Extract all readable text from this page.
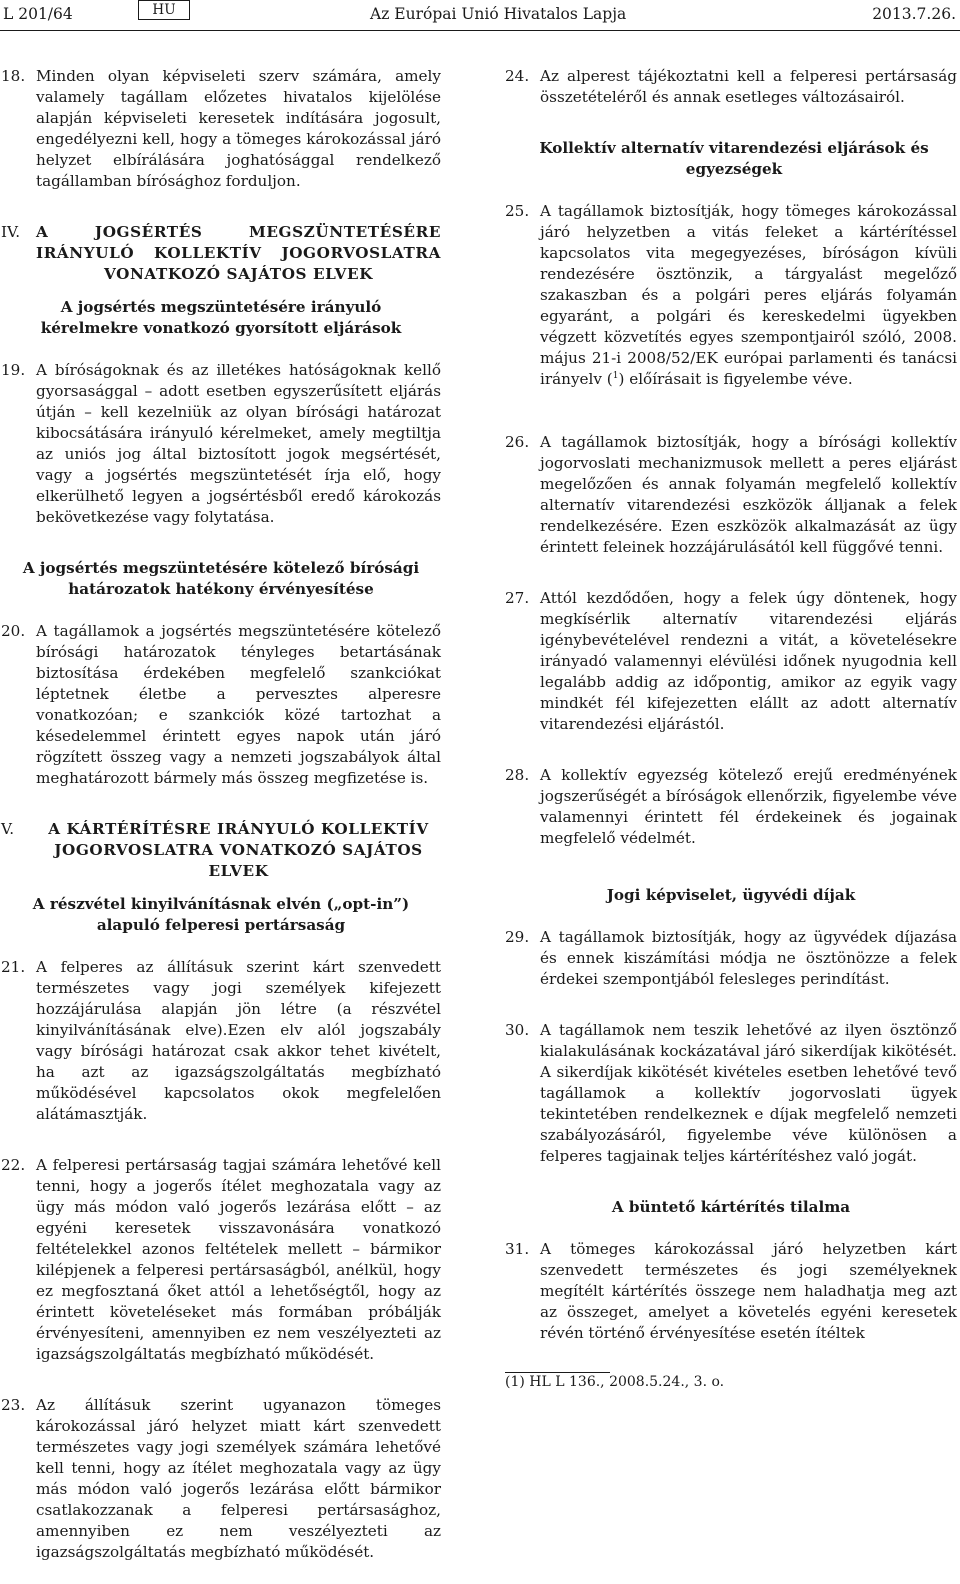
L 201/64	HU	Az Európai Unió Hivatalos Lapja	2013.7.26.
18. Minden olyan képviseleti szerv számára, amely valamely tagállam előzetes hivatalos kijelölése alapján képviseleti keresetek indítására jogosult, engedélyezni kell, hogy a tömeges károkozással járó helyzet elbírálására joghatósággal rendelkező tagállamban bírósághoz forduljon.
IV. A JOGSÉRTÉS MEGSZÜNTETÉSÉRE IRÁNYULÓ KOLLEKTÍV JOGORVOSLATRA VONATKOZÓ SAJÁTOS ELVEK
A jogsértés megszüntetésére irányuló kérelmekre vonatkozó gyorsított eljárások
19. A bíróságoknak és az illetékes hatóságoknak kellő gyorsasággal – adott esetben egyszerűsített eljárás útján – kell kezelniük az olyan bírósági határozat kibocsátására irányuló kérelmeket, amely megtiltja az uniós jog által biztosított jogok megsértését, vagy a jogsértés megszüntetését írja elő, hogy elkerülhető legyen a jogsértésből eredő károkozás bekövetkezése vagy folytatása.
A jogsértés megszüntetésére kötelező bírósági határozatok hatékony érvényesítése
20. A tagállamok a jogsértés megszüntetésére kötelező bírósági határozatok tényleges betartásának biztosítása érdekében megfelelő szankciókat léptetnek életbe a pervesztes alperesre vonatkozóan; e szankciók közé tartozhat a késedelemmel érintett egyes napok után járó rögzített összeg vagy a nemzeti jogszabályok által meghatározott bármely más összeg megfizetése is.
V.	A KÁRTÉRÍTÉSRE IRÁNYULÓ KOLLEKTÍV JOGORVOSLATRA VONATKOZÓ SAJÁTOS ELVEK
A részvétel kinyilvánításnak elvén („opt-in”) alapuló felperesi pertársaság
21. A felperes az állításuk szerint kárt szenvedett természetes vagy jogi személyek kifejezett hozzájárulása alapján jön létre (a részvétel kinyilvánításának elve).Ezen elv alól jogszabály vagy bírósági határozat csak akkor tehet kivételt, ha azt az igazságszolgáltatás megbízható működésével kapcsolatos okok megfelelően alátámasztják.
22. A felperesi pertársaság tagjai számára lehetővé kell tenni, hogy a jogerős ítélet meghozatala vagy az ügy más módon való jogerős lezárása előtt – az egyéni keresetek visszavonására vonatkozó feltételekkel azonos feltételek mellett – bármikor kilépjenek a felperesi pertársaságból, anélkül, hogy ez megfosztaná őket attól a lehetőségtől, hogy az érintett követeléseket más formában próbálják érvényesíteni, amennyiben ez nem veszélyezteti az igazságszolgáltatás megbízható működését.
23. Az állításuk szerint ugyanazon tömeges károkozással járó helyzet miatt kárt szenvedett természetes vagy jogi személyek számára lehetővé kell tenni, hogy az ítélet meghozatala vagy az ügy más módon való jogerős lezárása előtt bármikor csatlakozzanak a felperesi pertársasághoz, amennyiben ez nem veszélyezteti az igazságszolgáltatás megbízható működését.
24. Az alperest tájékoztatni kell a felperesi pertársaság összetételéről és annak esetleges változásairól.
Kollektív alternatív vitarendezési eljárások és egyezségek
25. A tagállamok biztosítják, hogy tömeges károkozással járó helyzetben a vitás feleket a kártérítéssel kapcsolatos vita megegyezéses, bíróságon kívüli rendezésére ösztönzik, a tárgyalást megelőző szakaszban és a polgári peres eljárás folyamán egyaránt, a polgári és kereskedelmi ügyekben végzett közvetítés egyes szempontjairól szóló, 2008. május 21-i 2008/52/EK európai parlamenti és tanácsi irányelv ($^1$) előírásait is figyelembe véve.
26. A tagállamok biztosítják, hogy a bírósági kollektív jogorvoslati mechanizmusok mellett a peres eljárást megelőzően és annak folyamán megfelelő kollektív alternatív vitarendezési eszközök álljanak a felek rendelkezésére. Ezen eszközök alkalmazását az ügy érintett feleinek hozzájárulásától kell függővé tenni.
27. Attól kezdődően, hogy a felek úgy döntenek, hogy megkísérlik alternatív vitarendezési eljárás igénybevételével rendezni a vitát, a követelésekre irányadó valamennyi elévülési időnek nyugodnia kell legalább addig az időpontig, amikor az egyik vagy mindkét fél kifejezetten elállt az adott alternatív vitarendezési eljárástól.
28. A kollektív egyezség kötelező erejű eredményének jogszerűségét a bíróságok ellenőrzik, figyelembe véve valamennyi érintett fél érdekeinek és jogainak megfelelő védelmét.
Jogi képviselet, ügyvédi díjak
29. A tagállamok biztosítják, hogy az ügyvédek díjazása és ennek kiszámítási módja ne ösztönözze a felek érdekei szempontjából felesleges perindítást.
30. A tagállamok nem teszik lehetővé az ilyen ösztönző kialakulásának kockázatával járó sikerdíjak kikötését. A sikerdíjak kikötését kivételes esetben lehetővé tevő tagállamok a kollektív jogorvoslati ügyek tekintetében rendelkeznek e díjak megfelelő nemzeti szabályozásáról, figyelembe véve különösen a felperes tagjainak teljes kártérítéshez való jogát.
A büntető kártérítés tilalma
31. A tömeges károkozással járó helyzetben kárt szenvedett természetes és jogi személyeknek megítélt kártérítés összege nem haladhatja meg azt az összeget, amelyet a követelés egyéni keresetek révén történő érvényesítése esetén ítéltek
(1) HL L 136., 2008.5.24., 3. o.
